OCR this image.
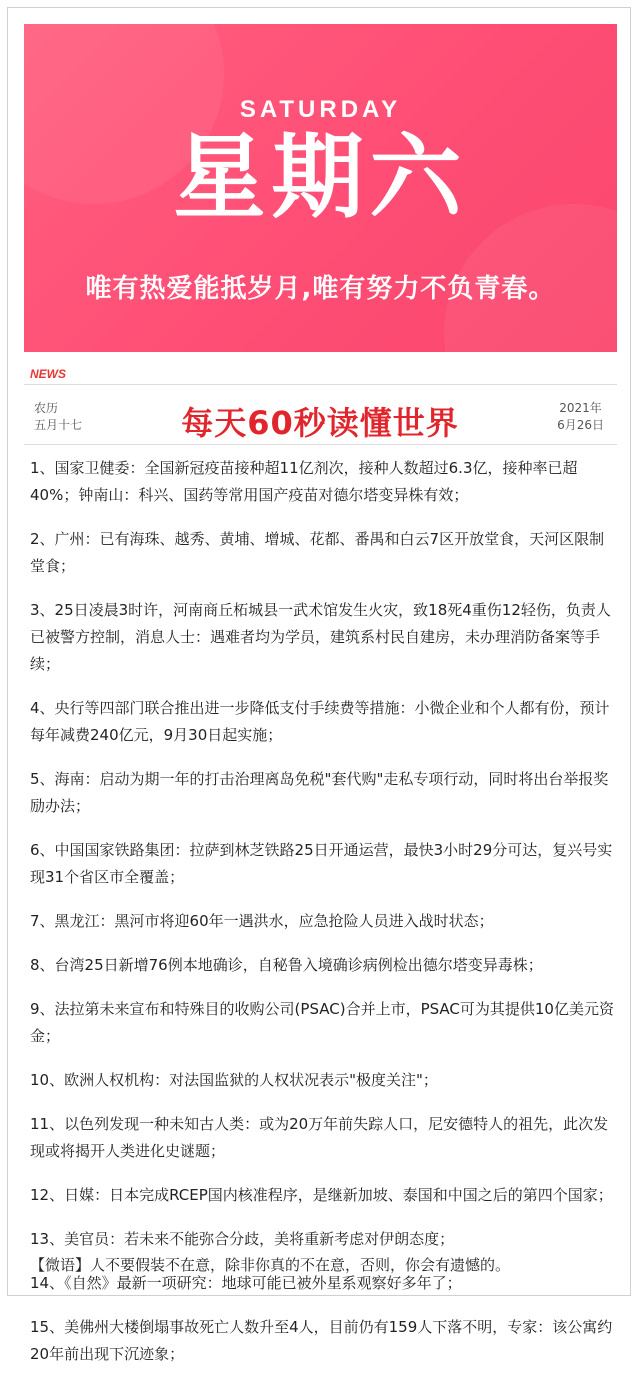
SATURDAY
星期六
唯有热爱能抵岁月,唯有努力不负青春。
NEWS
农历
五月十七	每天60秒读懂世界	2021年
6月26日
1、国家卫健委：全国新冠疫苗接种超11亿剂次，接种人数超过6.3亿，接种率已超40%；钟南山：科兴、国药等常用国产疫苗对德尔塔变异株有效；
2、广州：已有海珠、越秀、黄埔、增城、花都、番禺和白云7区开放堂食，天河区限制堂食；
3、25日凌晨3时许，河南商丘柘城县一武术馆发生火灾，致18死4重伤12轻伤，负责人已被警方控制，消息人士：遇难者均为学员，建筑系村民自建房，未办理消防备案等手续；
4、央行等四部门联合推出进一步降低支付手续费等措施：小微企业和个人都有份，预计每年减费240亿元，9月30日起实施；
5、海南：启动为期一年的打击治理离岛免税"套代购"走私专项行动，同时将出台举报奖励办法；
6、中国国家铁路集团：拉萨到林芝铁路25日开通运营，最快3小时29分可达，复兴号实现31个省区市全覆盖；
7、黑龙江：黑河市将迎60年一遇洪水，应急抢险人员进入战时状态；
8、台湾25日新增76例本地确诊，自秘鲁入境确诊病例检出德尔塔变异毒株；
9、法拉第未来宣布和特殊目的收购公司(PSAC)合并上市，PSAC可为其提供10亿美元资金；
10、欧洲人权机构：对法国监狱的人权状况表示"极度关注"；
11、以色列发现一种未知古人类：或为20万年前失踪人口，尼安德特人的祖先，此次发现或将揭开人类进化史谜题；
12、日媒：日本完成RCEP国内核准程序，是继新加坡、泰国和中国之后的第四个国家；
13、美官员：若未来不能弥合分歧，美将重新考虑对伊朗态度；
14、《自然》最新一项研究：地球可能已被外星系观察好多年了；
15、美佛州大楼倒塌事故死亡人数升至4人，目前仍有159人下落不明，专家：该公寓约20年前出现下沉迹象；
【微语】人不要假装不在意，除非你真的不在意，否则，你会有遗憾的。
